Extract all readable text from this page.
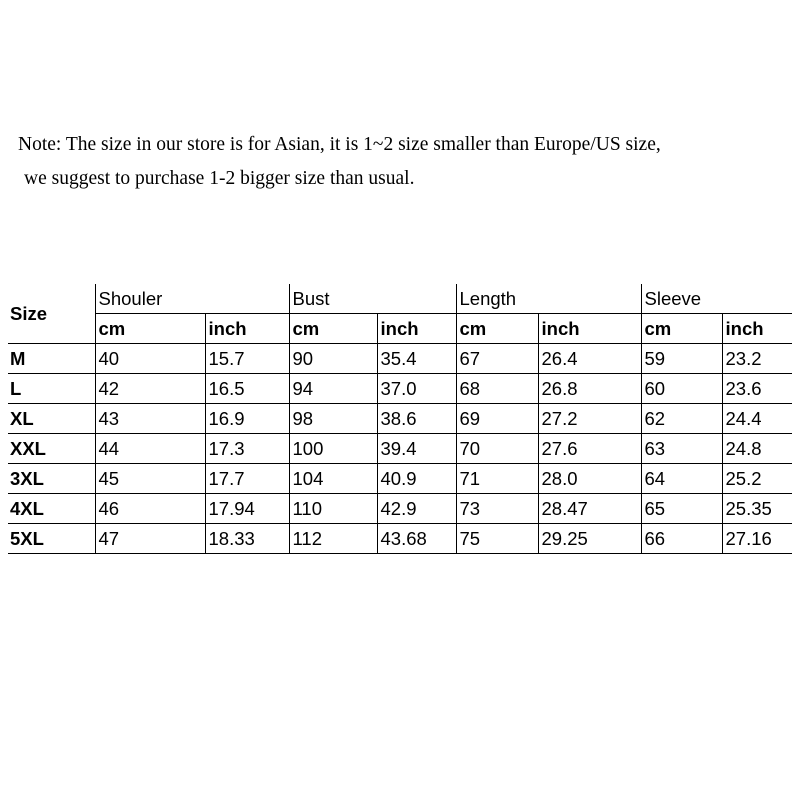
Note: The size in our store is for Asian, it is 1~2 size smaller than Europe/US size,
we suggest to purchase 1-2 bigger size than usual.
Size	Shouler		Bust		Length		Sleeve	
	cm	inch	cm	inch	cm	inch	cm	inch
M	40	15.7	90	35.4	67	26.4	59	23.2
L	42	16.5	94	37.0	68	26.8	60	23.6
XL	43	16.9	98	38.6	69	27.2	62	24.4
XXL	44	17.3	100	39.4	70	27.6	63	24.8
3XL	45	17.7	104	40.9	71	28.0	64	25.2
4XL	46	17.94	110	42.9	73	28.47	65	25.35
5XL	47	18.33	112	43.68	75	29.25	66	27.16
